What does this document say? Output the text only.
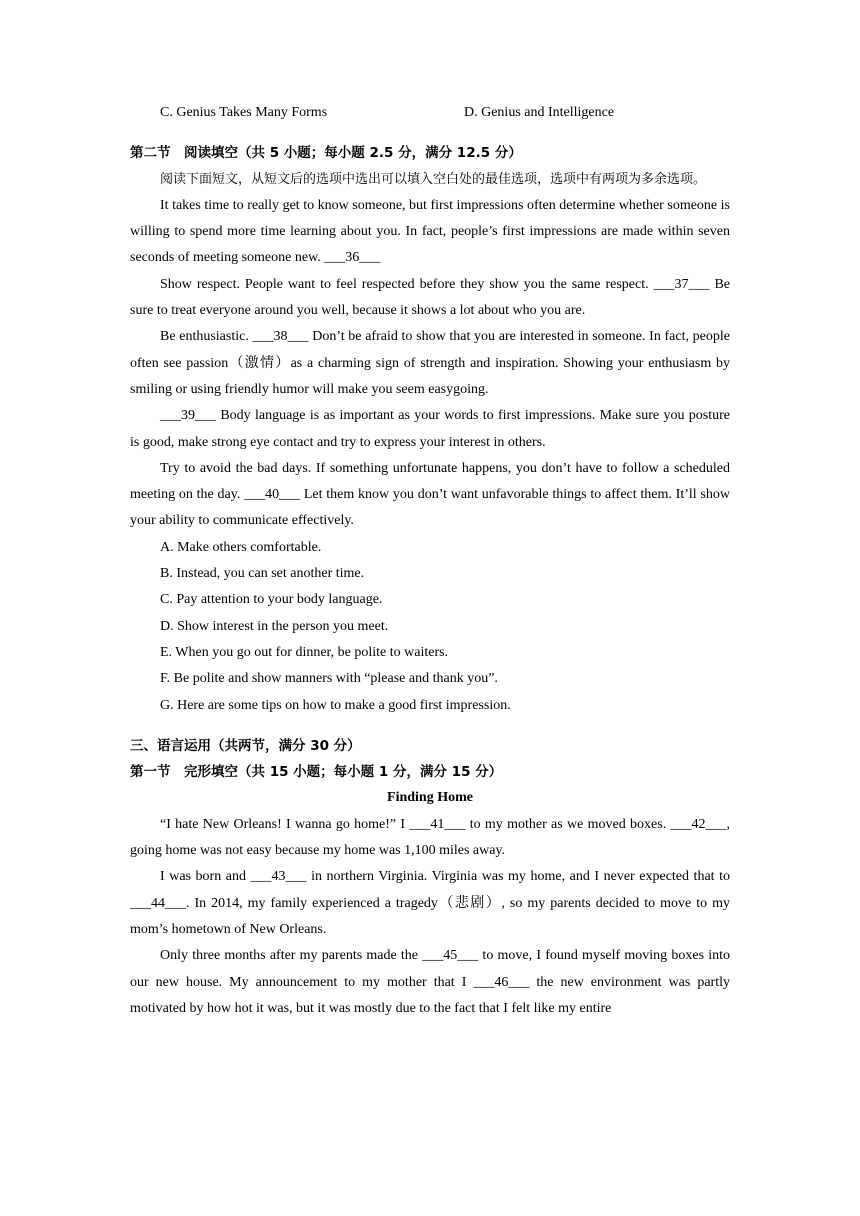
C. Genius Takes Many Forms	D. Genius and Intelligence

第二节　阅读填空（共 5 小题；每小题 2.5 分，满分 12.5 分）

阅读下面短文，从短文后的选项中选出可以填入空白处的最佳选项，选项中有两项为多余选项。

It takes time to really get to know someone, but first impressions often determine whether someone is willing to spend more time learning about you. In fact, people’s first impressions are made within seven seconds of meeting someone new. ___36___

Show respect. People want to feel respected before they show you the same respect. ___37___ Be sure to treat everyone around you well, because it shows a lot about who you are.

Be enthusiastic. ___38___ Don’t be afraid to show that you are interested in someone. In fact, people often see passion（激情）as a charming sign of strength and inspiration. Showing your enthusiasm by smiling or using friendly humor will make you seem easygoing.

___39___ Body language is as important as your words to first impressions. Make sure you posture is good, make strong eye contact and try to express your interest in others.

Try to avoid the bad days. If something unfortunate happens, you don’t have to follow a scheduled meeting on the day. ___40___ Let them know you don’t want unfavorable things to affect them. It’ll show your ability to communicate effectively.

A. Make others comfortable.

B. Instead, you can set another time.

C. Pay attention to your body language.

D. Show interest in the person you meet.

E. When you go out for dinner, be polite to waiters.

F. Be polite and show manners with “please and thank you”.

G. Here are some tips on how to make a good first impression.

三、语言运用（共两节，满分 30 分）

第一节　完形填空（共 15 小题；每小题 1 分，满分 15 分）

Finding Home

“I hate New Orleans! I wanna go home!” I ___41___ to my mother as we moved boxes. ___42___, going home was not easy because my home was 1,100 miles away.

I was born and ___43___ in northern Virginia. Virginia was my home, and I never expected that to ___44___. In 2014, my family experienced a tragedy（悲剧）, so my parents decided to move to my mom’s hometown of New Orleans.

Only three months after my parents made the ___45___ to move, I found myself moving boxes into our new house. My announcement to my mother that I ___46___ the new environment was partly motivated by how hot it was, but it was mostly due to the fact that I felt like my entire
